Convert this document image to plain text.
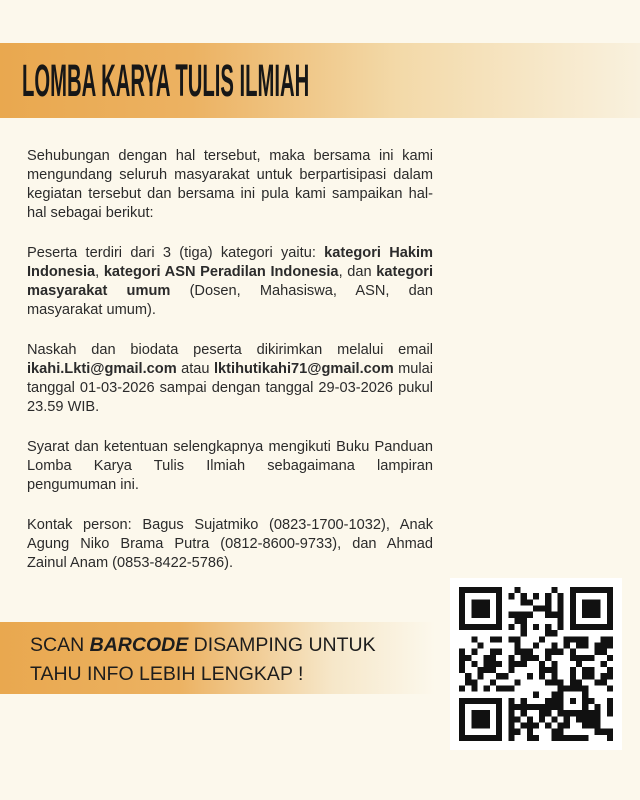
LOMBA KARYA TULIS ILMIAH

Sehubungan dengan hal tersebut, maka bersama ini kami mengundang seluruh masyarakat untuk berpartisipasi dalam kegiatan tersebut dan bersama ini pula kami sampaikan hal-hal sebagai berikut:

Peserta terdiri dari 3 (tiga) kategori yaitu: kategori Hakim Indonesia, kategori ASN Peradilan Indonesia, dan kategori masyarakat umum (Dosen, Mahasiswa, ASN, dan masyarakat umum).

Naskah dan biodata peserta dikirimkan melalui email ikahi.Lkti@gmail.com atau lktihutikahi71@gmail.com mulai tanggal 01-03-2026 sampai dengan tanggal 29-03-2026 pukul 23.59 WIB.

Syarat dan ketentuan selengkapnya mengikuti Buku Panduan Lomba Karya Tulis Ilmiah sebagaimana lampiran pengumuman ini.

Kontak person: Bagus Sujatmiko (0823-1700-1032), Anak Agung Niko Brama Putra (0812-8600-9733), dan Ahmad Zainul Anam (0853-8422-5786).

SCAN BARCODE DISAMPING UNTUK TAHU INFO LEBIH LENGKAP !
